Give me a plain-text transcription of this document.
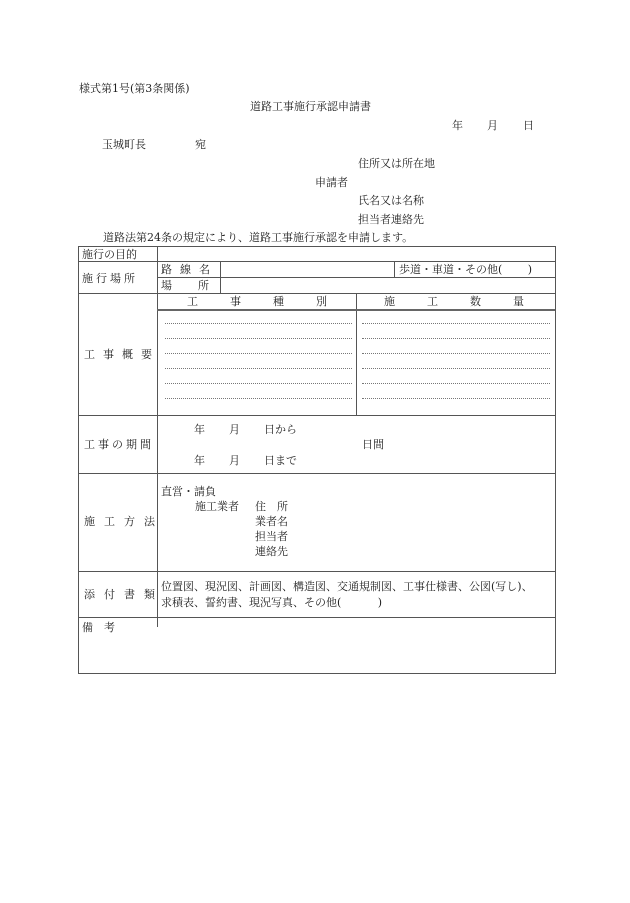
様式第1号(第3条関係)
道路工事施行承認申請書
年 月 日
玉城町長	宛
住所又は所在地
申請者
氏名又は名称
担当者連絡先
道路法第24条の規定により、道路工事施行承認を申請します。
施行の目的
施行場所
路線名	歩道・車道・その他(　　 )
場所
工事概要
工事種別 施工数量
工事の期間
年 月 日から
日間
年 月 日まで
施工方法
直営・請負
施工業者 住　所
業者名
担当者
連絡先
添付書類
位置図、現況図、計画図、構造図、交通規制図、工事仕様書、公図(写し)、
求積表、誓約書、現況写真、その他(　　　 )
備　考
